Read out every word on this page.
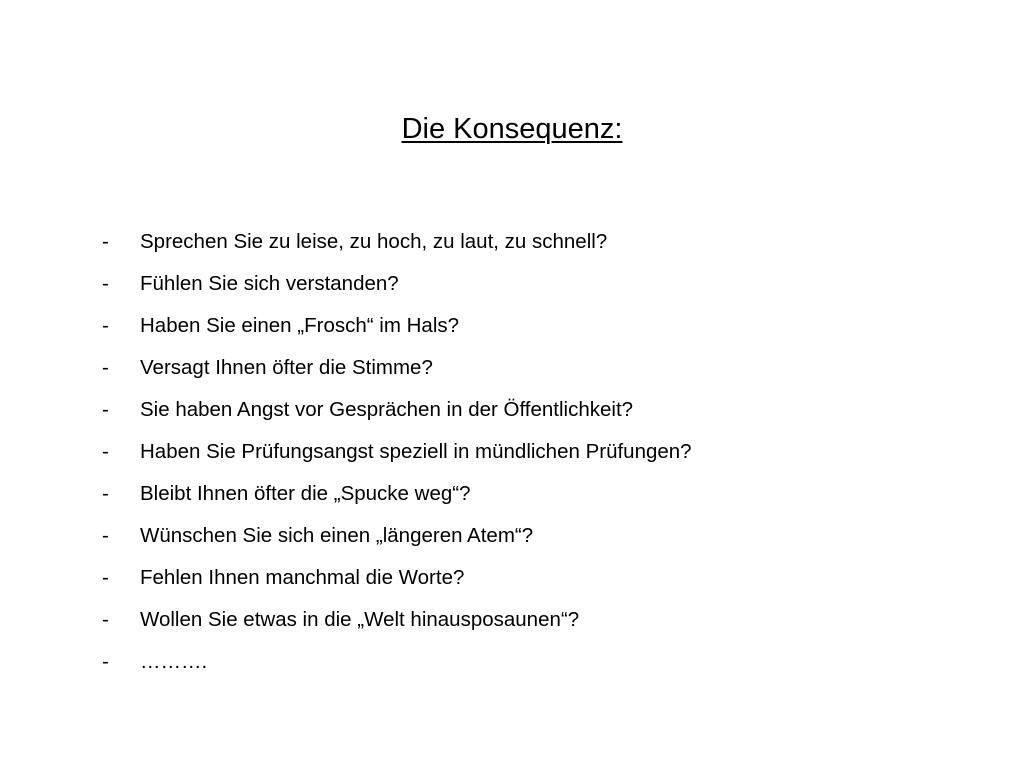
Die Konsequenz:
- Sprechen Sie zu leise, zu hoch, zu laut, zu schnell?
- Fühlen Sie sich verstanden?
- Haben Sie einen „Frosch“ im Hals?
- Versagt Ihnen öfter die Stimme?
- Sie haben Angst vor Gesprächen in der Öffentlichkeit?
- Haben Sie Prüfungsangst speziell in mündlichen Prüfungen?
- Bleibt Ihnen öfter die „Spucke weg“?
- Wünschen Sie sich einen „längeren Atem“?
- Fehlen Ihnen manchmal die Worte?
- Wollen Sie etwas in die „Welt hinausposaunen“?
- ……….
